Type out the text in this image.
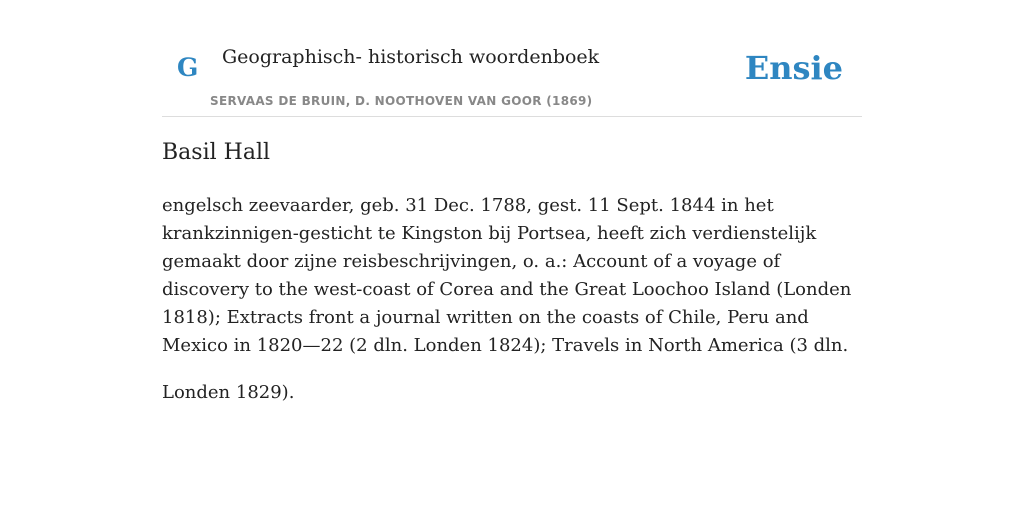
G Geographisch- historisch woordenboek
SERVAAS DE BRUIN, D. NOOTHOVEN VAN GOOR (1869)
Ensie
Basil Hall

engelsch zeevaarder, geb. 31 Dec. 1788, gest. 11 Sept. 1844 in het krankzinnigen-gesticht te Kingston bij Portsea, heeft zich verdienstelijk gemaakt door zijne reisbeschrijvingen, o. a.: Account of a voyage of discovery to the west-coast of Corea and the Great Loochoo Island (Londen 1818); Extracts front a journal written on the coasts of Chile, Peru and Mexico in 1820—22 (2 dln. Londen 1824); Travels in North America (3 dln.

Londen 1829).
